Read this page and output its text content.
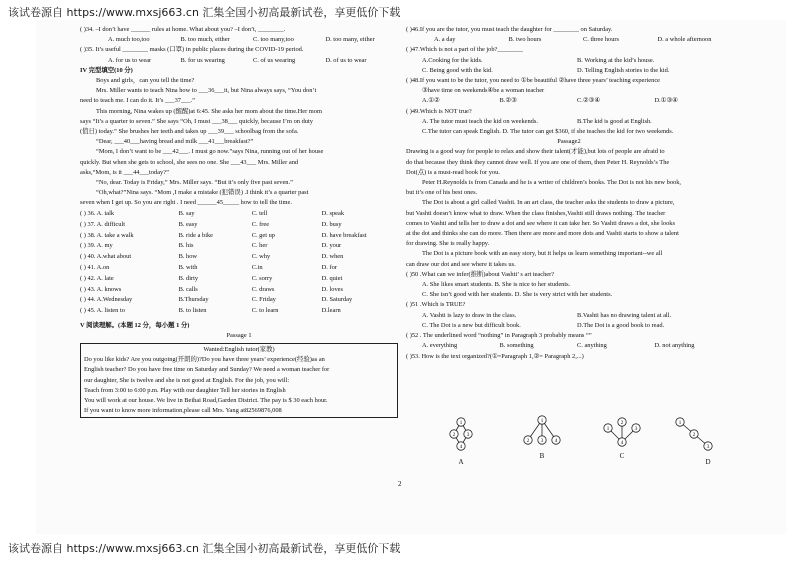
该试卷源自 https://www.mxsj663.cn 汇集全国小初高最新试卷，享更低价下载
( )34. –I don’t have ______ rules at home. What about you? –I don’t, ________.
A. much too,too	B. too much, either	C. too many,too	D. too many, either
( )35. It’s useful ________ masks (口罩) in public places during the COVID-19 period.
A. for us to wear	B. for us wearing	C. of us wearing	D. of us to wear
IV 完型填空(10 分)
Boys and girls，can you tell the time?
Mrs. Miller wants to teach Nina how to ___36___it, but Nina always says, “You don’t
need to teach me. I can do it. It’s ___37___.”
This morning, Nina wakes up (醒醒)at 6:45. She asks her mom about the time.Her mom
says “It’s a quarter to seven.” She says “Oh, I must ___38___ quickly, because I’m on duty
(值日) today.” She brushes her teeth and takes up ___39___ schoolbag from the sofa.
“Dear, ___40___having bread and milk ___41___breakfast?”
“Mom, I don’t want to be ___42___. I must go now.”says Nina, running out of her house
quickly. But when she gets to school, she sees no one. She ___43___ Mrs. Miller and
asks,“Mom, is it ___44___today?”
“No, dear. Today is Friday,” Mrs. Miller says. “But it’s only five past seven.”
“Oh,what?”Nina says. “Mom ,I make a mistake (犯错误) .I think it’s a quarter past
seven when I get up. So you are right . I need ______45_____ how to tell the time.
( ) 36. A. talk	B. say	C. tell	D. speak
( ) 37. A. difficult	B. easy	C. free	D. busy
( ) 38. A. take a walk	B. ride a bike	C. get up	D. have breakfast
( ) 39. A. my	B. his	C. her	D. your
( ) 40. A.what about	B. how	C. why	D. when
( ) 41. A.on	B. with	C.in	D. for
( ) 42. A. late	B. dirty	C. sorry	D. quiet
( ) 43. A. knows	B. calls	C. draws	D. loves
( ) 44. A.Wednesday	B.Thursday	C. Friday	D. Saturday
( ) 45. A. listen to	B. to listen	C. to learn	D.learn
V 阅读理解。(本题 12 分，每小题 1 分)
Passage 1
Wanted:English tutor(家教)
Do you like kids? Are you outgoing(开朗的)?Do you have three years’ experience(经验)as an
English teacher? Do you have free time on Saturday and Sunday? We need a woman teacher for
our daughter, She is twelve and she is not good at English. For the job, you will:
Teach from 3:00 to 6:00 p.m. Play with our daughter Tell her stories in English
You will work at our house. We live in Beihai Road,Garden District. The pay is $ 30 each hour.
If you want to know more information,please call Mrs. Yang at82569876,008
( )46.If you are the tutor, you must teach the daughter for ________ on Saturday.
A. a day	B. two hours	C. three hours	D. a whole afternoon
( )47.Which is not a part of the job?________
A.Cooking for the kids.	B. Working at the kid’s house.
C. Being good with the kid.	D. Telling English stories to the kid.
( )48.If you want to be the tutor, you need to ①be beautiful ②have three years’ teaching experience
③have time on weekends④be a woman teacher
A.①②	B.②③	C.②③④	D.①③④
( )49.Which is NOT true?
A. The tutor must teach the kid on weekends.	B.The kid is good at English.
C.The tutor can speak English. D. The tutor can get $360, if she teaches the kid for two weekends.
Passage2
Drawing is a good way for people to relax and show their talent(才能),but lots of people are afraid to
do that because they think they cannot draw well. If you are one of them, then Peter H. Reynolds’s The
Dot(点) is a must-read book for you.
Peter H.Reynolds is from Canada and he is a writer of children’s books. The Dot is not his new book,
but it’s one of his best ones.
The Dot is about a girl called Vashti. In an art class, the teacher asks the students to draw a picture,
but Vashti doesn’t know what to draw. When the class finishes,Vashti still draws nothing. The teacher
comes to Vashti and tells her to draw a dot and see where it can take her. So Vashti draws a dot, she looks
at the dot and thinks she can do more. Then there are more and more dots and Vashti starts to show a talent
for drawing. She is really happy.
The Dot is a picture book with an easy story, but it helps us learn something important--we all
can draw our dot and see where it takes us.
( )50 .What can we infer(推断)about Vashti’ s art teacher?
A. She likes smart students. B. She is nice to her students.
C. She isn’t good with her students. D. She is very strict with her students.
( )51 .Which is TRUE?
A. Vashti is lazy to draw in the class.	B.Vashti has no drawing talent at all.
C. The Dot is a new but difficult book.	D.The Dot is a good book to read.
( )52 . The underlined word “nothing” in Paragraph 3 probably means “”
A. everything	B. something	C. anything	D. not anything
( )53. How is the text organized?(①=Paragraph 1,②= Paragraph 2,...)
1
2 3
4
1
2 3 4
1
2
3
4
1
2
3
A
B	C
D
2
该试卷源自 https://www.mxsj663.cn 汇集全国小初高最新试卷，享更低价下载
